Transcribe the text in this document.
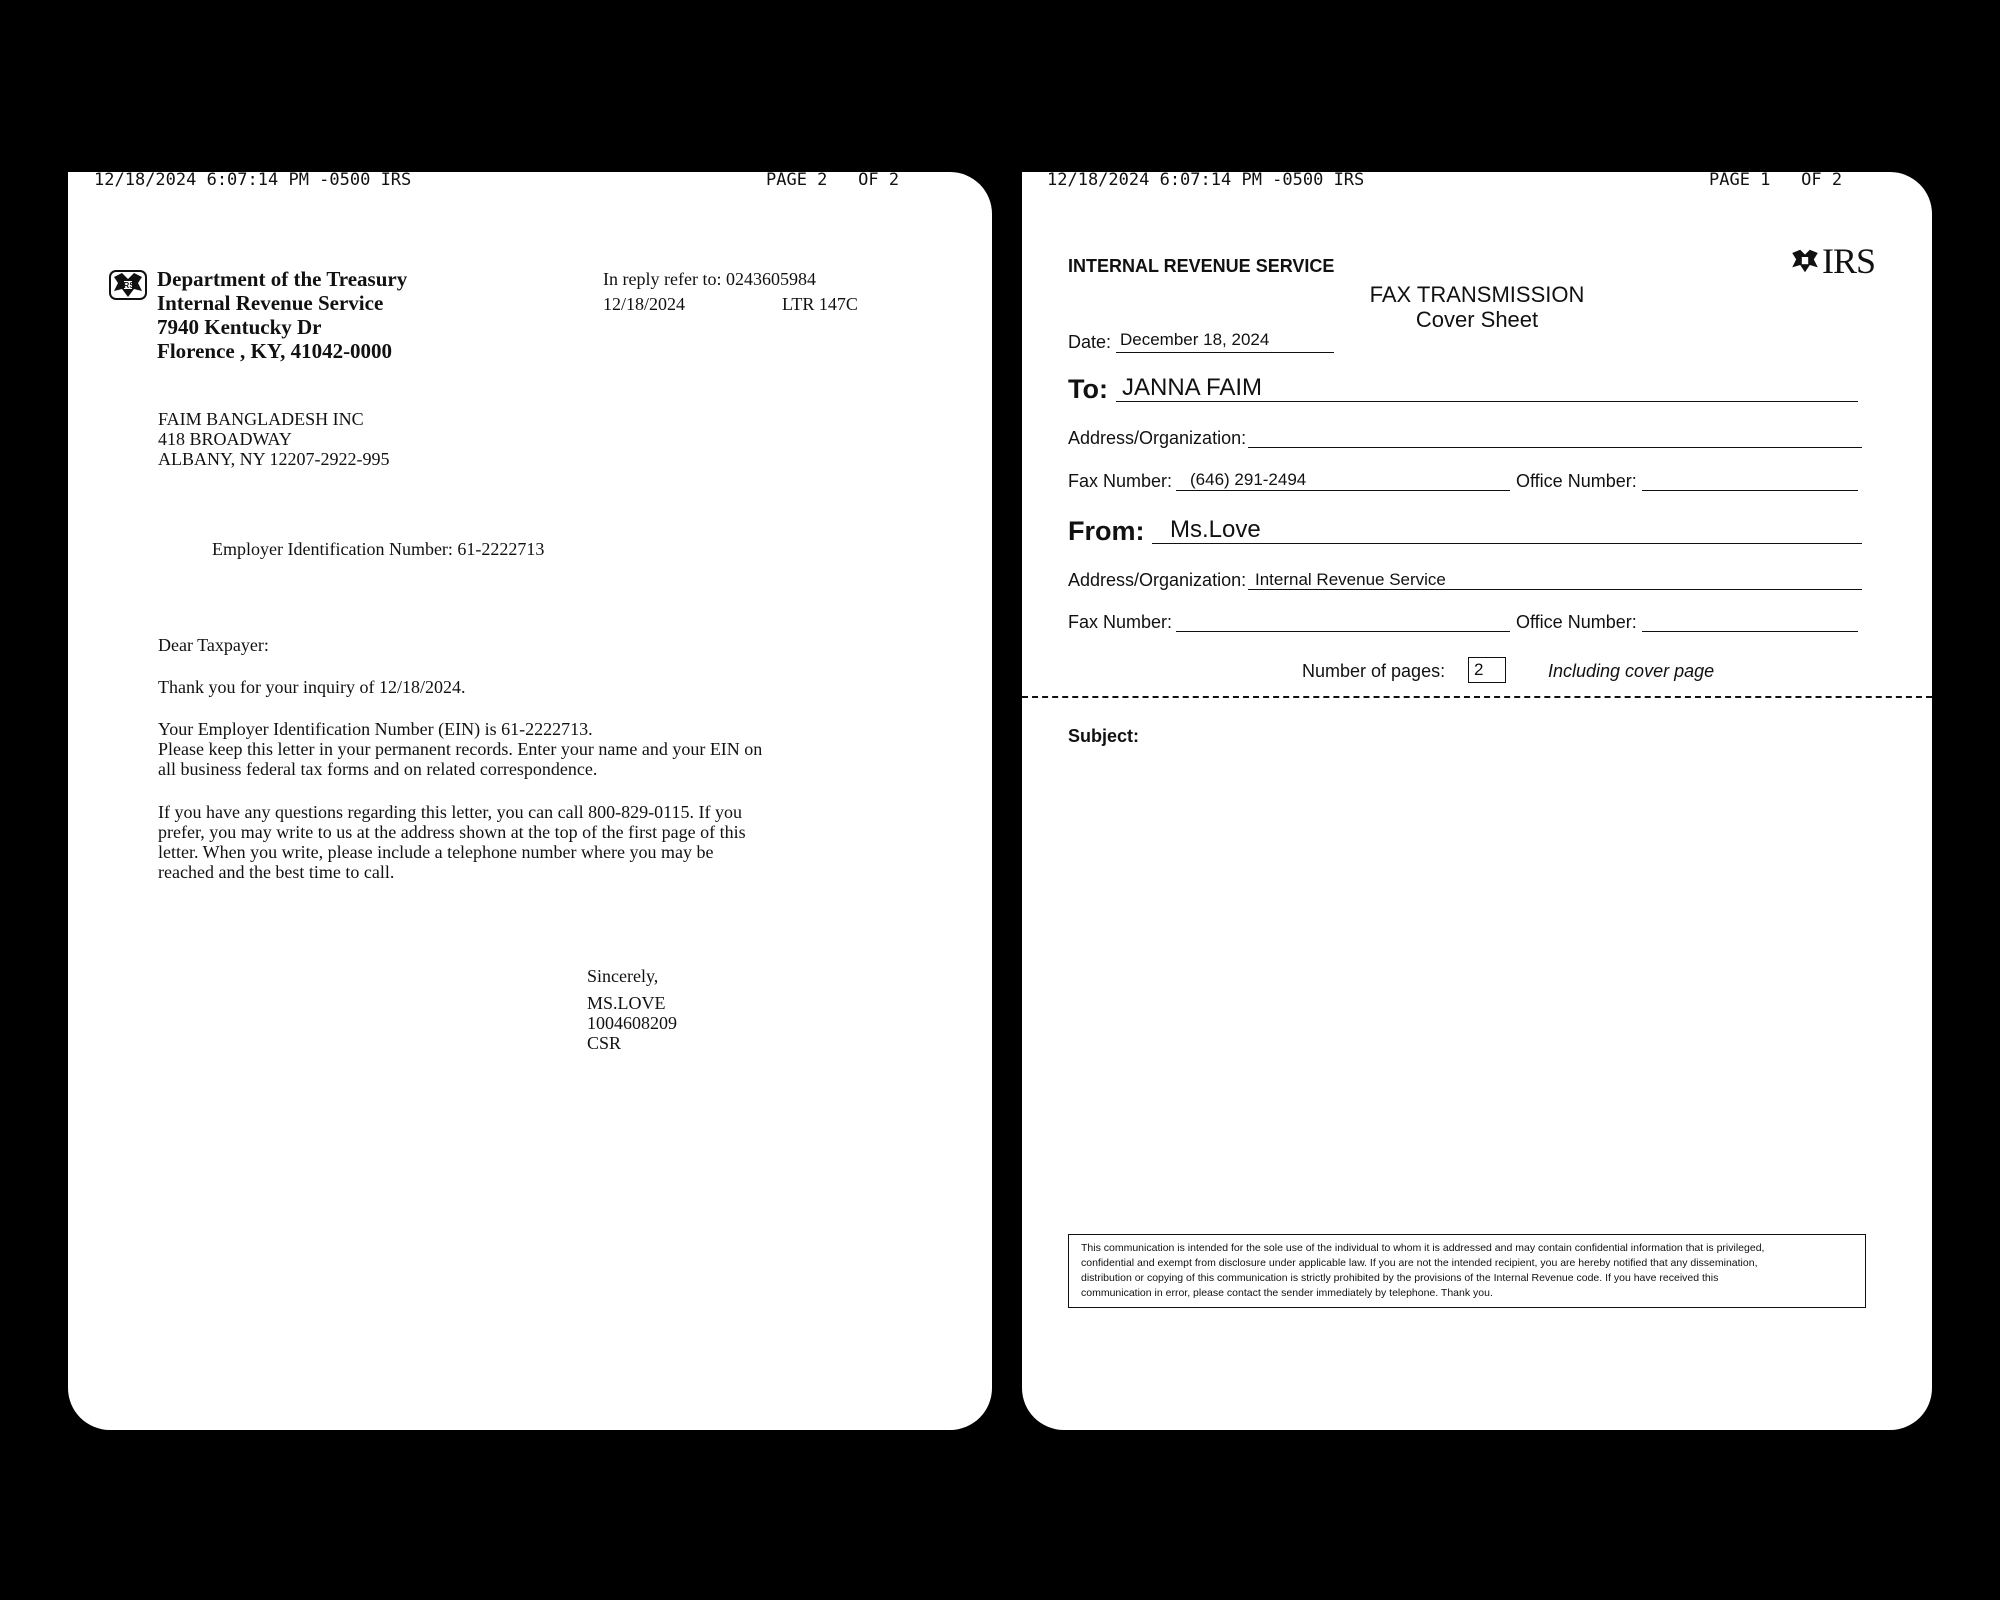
12/18/2024 6:07:14 PM -0500 IRS	PAGE 2   OF 2
IRS Department of the Treasury
Internal Revenue Service
7940 Kentucky Dr
Florence , KY, 41042-0000
In reply refer to: 0243605984
12/18/2024	LTR 147C
FAIM BANGLADESH INC
418 BROADWAY
ALBANY, NY 12207-2922-995
Employer Identification Number: 61-2222713
Dear Taxpayer:
Thank you for your inquiry of 12/18/2024.
Your Employer Identification Number (EIN) is 61-2222713.
Please keep this letter in your permanent records. Enter your name and your EIN on
all business federal tax forms and on related correspondence.
If you have any questions regarding this letter, you can call 800-829-0115. If you
prefer, you may write to us at the address shown at the top of the first page of this
letter. When you write, please include a telephone number where you may be
reached and the best time to call.
Sincerely,
MS.LOVE
1004608209
CSR
12/18/2024 6:07:14 PM -0500 IRS	PAGE 1   OF 2
INTERNAL REVENUE SERVICE	IRS
FAX TRANSMISSION
Cover Sheet
Date: December 18, 2024
To: JANNA FAIM
Address/Organization:
Fax Number: (646) 291-2494	Office Number:
From: Ms.Love
Address/Organization: Internal Revenue Service
Fax Number:	Office Number:
Number of pages:	2	Including cover page
Subject:
This communication is intended for the sole use of the individual to whom it is addressed and may contain confidential information that is privileged,
confidential and exempt from disclosure under applicable law. If you are not the intended recipient, you are hereby notified that any dissemination,
distribution or copying of this communication is strictly prohibited by the provisions of the Internal Revenue code. If you have received this
communication in error, please contact the sender immediately by telephone. Thank you.
